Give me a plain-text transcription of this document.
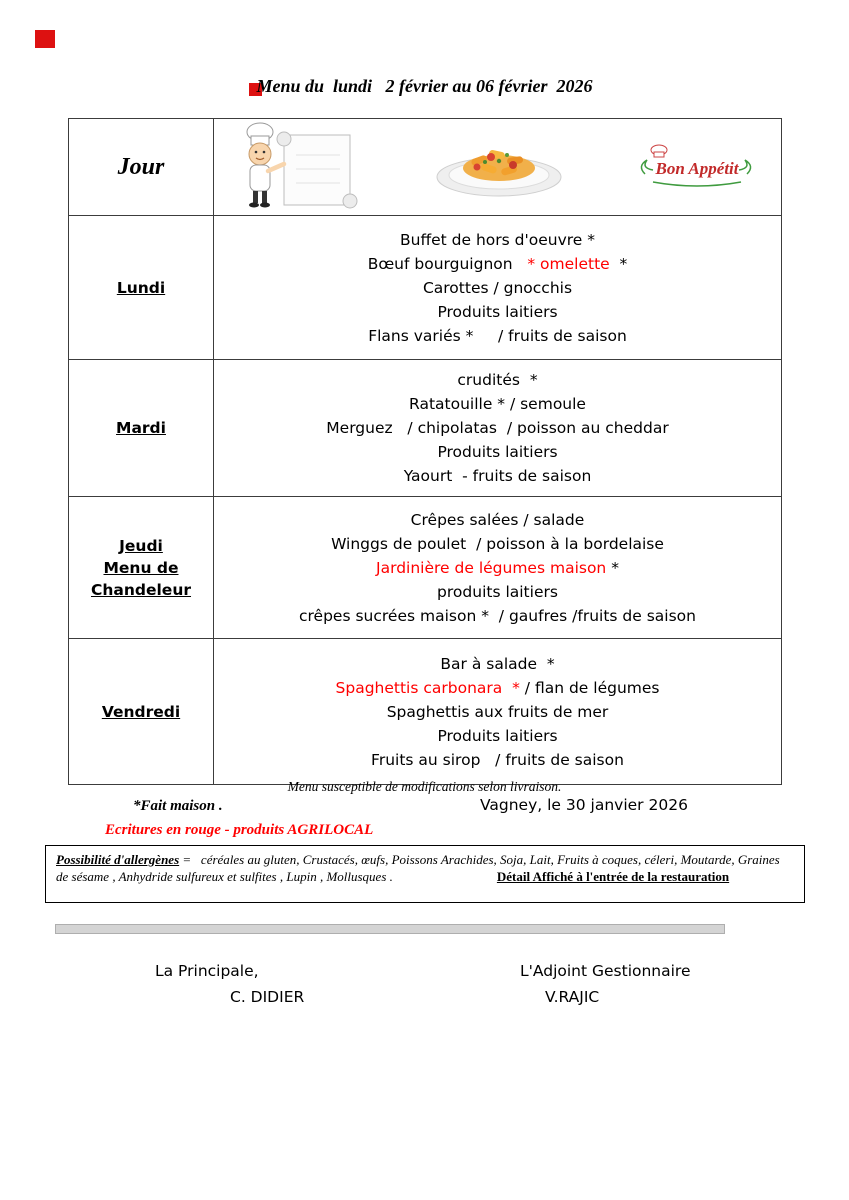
Menu du  lundi   2 février au 06 février  2026
Jour	Bon Appétit
Lundi
Buffet de hors d'oeuvre *
Bœuf bourguignon   * omelette  *
Carottes / gnocchis
Produits laitiers
Flans variés *     / fruits de saison
Mardi
crudités  *
Ratatouille * / semoule
Merguez   / chipolatas  / poisson au cheddar
Produits laitiers
Yaourt  - fruits de saison
Jeudi
Menu de
Chandeleur
Crêpes salées / salade
Winggs de poulet  / poisson à la bordelaise
Jardinière de légumes maison *
produits laitiers
crêpes sucrées maison *  / gaufres /fruits de saison
Vendredi
Bar à salade  *
Spaghettis carbonara  * / flan de légumes
Spaghettis aux fruits de mer
Produits laitiers
Fruits au sirop   / fruits de saison
Menu susceptible de modifications selon livraison.
*Fait maison .	Vagney, le 30 janvier 2026
Ecritures en rouge - produits AGRILOCAL
Possibilité d'allergènes =   céréales au gluten, Crustacés, œufs, Poissons Arachides, Soja, Lait, Fruits à coques, céleri, Moutarde, Graines de sésame , Anhydride sulfureux et sulfites , Lupin , Mollusques .                                Détail Affiché à l'entrée de la restauration
La Principale,
C. DIDIER
L'Adjoint Gestionnaire
V.RAJIC
